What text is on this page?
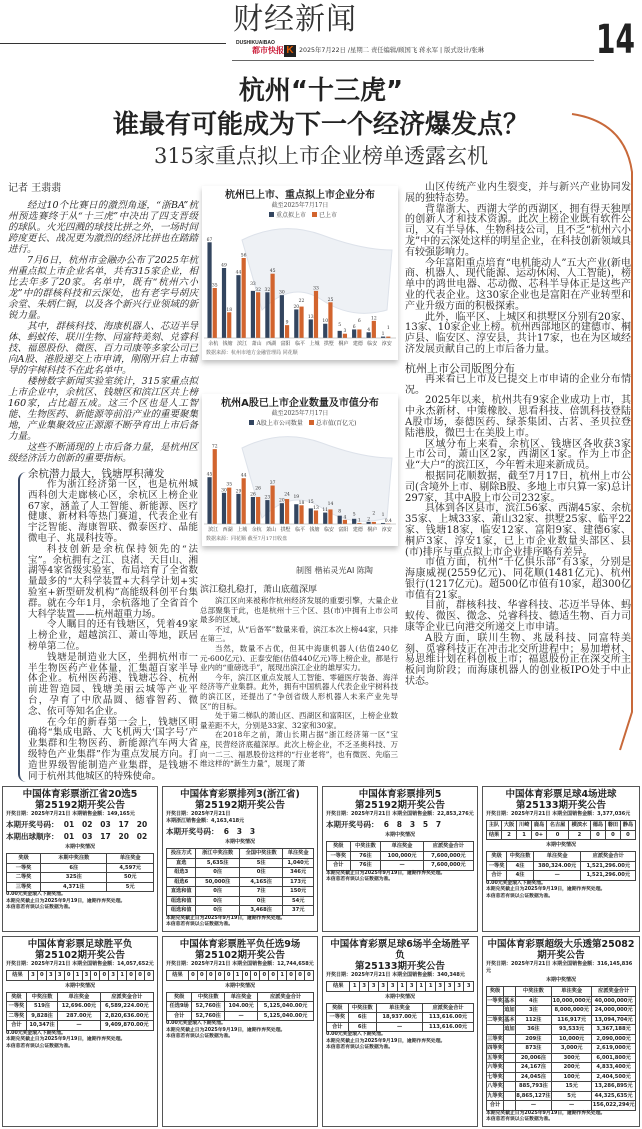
财经新闻
DUSHIKUAIBAO
都市快报 K 2025年7月22日 /星期二 责任编辑/顾国飞 蒋永军 | 版式设计/张琳	14
杭州“十三虎”
谁最有可能成为下一个经济爆发点？
315家重点拟上市企业榜单透露玄机
记者 王翡翡

经过10个比赛日的激烈角逐，“浙BA”杭州预选赛终于从“十三虎”中决出了四支晋级的球队。火光四溅的球技比拼之外，一场时间跨度更长、战况更为激烈的经济比拼也在踏踏进行。

7月6日，杭州市金融办公布了2025年杭州重点拟上市企业名单，共有315家企业，相比去年多了20家。名单中，既有“杭州六小龙”中的群核科技和云深处，也有老字号胡庆余堂、朱炳仁铜，以及各个新兴行业领域的新锐力量。

其中，群核科技、海康机器人、芯迈半导体、蚂蚁传、联川生物、同富特美刻、兑睿科技、福恩股份、微医、百力司康等多家公司已向A股、港股递交上市申请，刚刚开启上市辅导的宇树科技不在此名单中。

楼榜数字新闻实验室统计，315家重点拟上市企业中，余杭区、钱塘区和滨江区共上榜160家，占比超五成。这三个区也是人工智能、生物医药、新能源等前沿产业的重要聚集地，产业集聚效应正源源不断孕育出上市后备力量。

这些不断涌现的上市后备力量，是杭州区级经济活力创新的重要指标。

余杭潜力最大，钱塘厚积薄发

作为浙江经济第一区，也是杭州城西科创大走廊核心区，余杭区上榜企业67家，涵盖了人工智能、新能源、医疗健康、新材料等热门赛道，代表企业有宇泛智能、海康智联、微泰医疗、晶能微电子、兆晟科技等。

科技创新是余杭保持领先的“法宝”。余杭拥有之江、良渚、天目山、湘湖等4家省级实验室，布局培育了全省数量最多的“大科学装置+大科学计划+实验室+新型研发机构”高能级科创平台集群。就在今年1月，余杭落地了全省首个大科学装置——杭州超重力场。

令人瞩目的还有钱塘区，凭着49家上榜企业，超越滨江、萧山等地，跃居榜单第二位。

钱塘是制造业大区，坐拥杭州市一半生物医药产业体量，汇集超百家半导体企业。杭州医药港、钱塘芯谷、杭州前进智造园、钱塘美丽云城等产业平台，孕育了中欣晶圆、德睿智药、微念、依可等知名企业。

在今年的新春第一会上，钱塘区明确将“集成电路、大飞机两大‘国字号’产业集群和生物医药、新能源汽车两大省级特色产业集群”作为重点发展方向。打造世界级智能制造产业集群，是钱塘不同于杭州其他城区的特殊使命。

杭州已上市、重点拟上市企业分布
截至2025年7月17日
重点拟上市 已上市
67
35
余杭
49
18
钱塘
44
56
滨江
33
32
萧山
32
45
西湖
30
9
富阳
20
22
临平
13
33
上城
10
25
拱墅
5
3
桐庐
6
6
建德
4
12
临安
1
1
淳安
数据来源：杭州市地方金融管理局 同花顺
杭州A股已上市企业数量及市值分布
截至2025年7月17日
A股上市公司数量 总市值(百亿元)
45
72
滨江
30
35
西湖
29
44
上城
26
26
余杭
23
37
萧山
20
24
拱墅
19
18
临平
15
13
钱塘
11
14
临安
8
4
富阳
5
1
建德
2
2
桐庐
1
0.4
淳安
数据来源：同花顺 截至7月17日收盘
制图 楷祐灵光AI 陈陶
滨江稳扎稳打，萧山底蕴深厚

滨江区向来被称作杭州经济发展的重要引擎，大量企业总部聚集于此，也是杭州十三个区、县(市)中拥有上市公司最多的区域。

不过，从“后备军”数量来看，滨江本次上榜44家，只排在第三。

当然，数量不占优，但其中海康机器人(估值240亿元-600亿元)、正泰安能(估值440亿元)等上榜企业，都是行业内的“重磅选手”，展现出滨江企业的雄厚实力。

今年，滨江区重点发展人工智能、零磁医疗装备、海洋经济等产业集群。此外，拥有中国机器人代表企业宇树科技的滨江区，还提出了“争创省级人形机器人未来产业先导区”的目标。

处于第二梯队的萧山区、西湖区和富阳区，上榜企业数量差距不大，分别是33家、32家和30家。

在2018年之前，萧山长期占据“浙江经济第一区”宝座，民营经济底蕴深厚。此次上榜企业，不乏圣奥科技、万向一二三、福恩股份这样的“行业老将”，也有微医、先临三维这样的“新生力量”，展现了萧

山区传统产业内生裂变，并与新兴产业协同发展的独特态势。

背靠浙大、西湖大学的西湖区，拥有得天独厚的创新人才和技术资源。此次上榜企业既有软件公司，又有半导体、生物科技公司，且不乏“杭州六小龙”中的云深处这样的明星企业，在科技创新领域具有较强影响力。

今年富阳重点培育“电机能动人”五大产业(新电商、机器人、现代能源、运动休闲、人工智能)，榜单中的鸿世电器、芯动微、芯科半导体正是这些产业的代表企业。这30家企业也是富阳在产业转型和产业升级方面的积极探索。

此外，临平区、上城区和拱墅区分别有20家、13家、10家企业上榜。杭州西部地区的建德市、桐庐县、临安区、淳安县，共计17家，也在为区域经济发展贡献自己的上市后备力量。

杭州上市公司版图分布

再来看已上市及已提交上市申请的企业分布情况。

2025年以来，杭州共有9家企业成功上市，其中永杰新材、中策橡胶、思看科技、倍凯科技登陆A股市场，泰德医药、绿茶集团、古茗、圣贝拉登陆港股，微巴士在美股上市。

区域分布上来看，余杭区、钱塘区各收获3家上市公司，萧山区2家，西湖区1家。作为上市企业“大户”的滨江区，今年暂未迎来新成员。

根据同花顺数据，截至7月17日，杭州上市公司(含境外上市、剔除B股、多地上市只算一家)总计297家，其中A股上市公司232家。

具体到各区县市，滨江56家、西湖45家、余杭35家、上城33家、萧山32家、拱墅25家、临平22家、钱塘18家，临安12家、富阳9家、建德6家、桐庐3家、淳安1家，已上市企业数量头部区、县(市)排序与重点拟上市企业排序略有差异。

市值方面，杭州“千亿俱乐部”有3家，分别是海康威视(2559亿元)、同花顺(1481亿元)、杭州银行(1217亿元)。超500亿市值有10家，超300亿市值有21家。

目前，群核科技、华睿科技、芯迈半导体、蚂蚁传、微医、微念、兑睿科技、德适生物、百力司康等企业已向港交所递交上市申请。

A股方面，联川生物、兆晟科技、同富特美刻、觅睿科技正在冲击北交所进程中；易加增材、易思维计划在科创板上市；福恩股份正在深交所主板问询阶段；而海康机器人的创业板IPO处于中止状态。

中国体育彩票浙江省20选5
第25192期开奖公告
开奖日期：2025年7月21日 本期销售金额：149,165元
本期开奖号码：  01   02   03   17   20
本期出球顺序：  01   03   17   20   02
本期中奖情况
奖级	本期中奖注数	单注奖金
一等奖	6注	4,597元
二等奖	325注	50元
三等奖	4,371注	5元
0.00元奖金滚入下期奖池。
本期兑奖截止日为2025年9月19日，逾期作弃奖处理。
本信息若有误以公证数据为准。
中国体育彩票排列3(浙江省)
第25192期开奖公告
开奖日期：2025年7月21日
本期浙江销售金额：4,163,418元
本期开奖号码：  6   3   3
本期中奖情况
投注方式	浙江中奖注数	全国中奖注数	单注奖金
直选	5,635注	5注	1,040元
组选3	0注	0注	346元
组选6	50,000注	4,165注	173元
直选和值	0注	7注	150元
组选和值	0注	0注	54元
组选和值	0注	3,468注	37元
本期兑奖截止日为2025年9月19日，逾期作弃奖处理。
本信息若有误以公证数据为准。
中国体育彩票排列5
第25192期开奖公告
开奖日期：2025年7月21日 本期全国销售金额：22,853,276元
本期开奖号码：  6   8   3   5   7
本期中奖情况
奖级	中奖注数	单注奖金	应派奖金合计
一等奖	76注	100,000元	7,600,000元
合计	76注	—	7,600,000元
本期兑奖截止日为2025年9月19日，逾期作弃奖处理。
本信息若有误以公证数据为准。
中国体育彩票足球4场进球
第25133期开奖公告
开奖日期：2025年7月21日 本期全国销售金额：3,377,036元
主队	大阪	川崎	鹿岛	名古屋	横滨水	德岛	磐田	静岛
结果	2	1	0+	0	2	0	0	0
本期中奖情况
奖级	中奖注数	单注奖金	应派奖金合计
一等奖	4注	380,324.00元	1,521,296.00元
合计	4注	—	1,521,296.00元
0.00元奖金滚入下期奖池。
本期兑奖截止日为2025年9月19日，逾期作弃奖处理。
本信息若有误以公证数据为准。
中国体育彩票足球胜平负
第25102期开奖公告
开奖日期：2025年7月21日 本期全国销售金额：14,057,652元
结果	3	0	3	3	0	1	3	0	0	3	1	0	0	0
本期中奖情况
奖级	中奖注数	单注奖金	应派奖金合计
一等奖	519注	12,696.00元	6,589,224.00元
二等奖	9,828注	287.00元	2,820,636.00元
合计	10,347注	—	9,409,870.00元
0.00元奖金滚入下期奖池。
本期兑奖截止日为2025年9月19日，逾期作弃奖处理。
本信息若有误以公证数据为准。
中国体育彩票胜平负任选9场
第25102期开奖公告
开奖日期：2025年7月21日 本期全国销售金额：12,744,658元
结果	0	0	0	0	0	1	0	0	0	0	1	0	0	0
本期中奖情况
奖级	中奖注数	单注奖金	应派奖金合计
任选9场	52,760注	104.00元	5,125,040.00元
合计	52,760注	—	5,125,040.00元
0.00元奖金滚入下期奖池。
本期兑奖截止日为2025年9月19日，逾期作弃奖处理。
本信息若有误以公证数据为准。
中国体育彩票足球6场半全场胜平负
第25133期开奖公告
开奖日期：2025年7月21日 本期全国销售金额：340,348元
结果	1	3	3	3	3	1	3	1	1	3	3	3	3
本期中奖情况
奖级	中奖注数	单注奖金	应派奖金合计
一等奖	6注	18,937.00元	113,616.00元
合计	6注	—	113,616.00元
0.00元奖金滚入下期奖池。
本期兑奖截止日为2025年9月19日，逾期作弃奖处理。
本信息若有误以公证数据为准。
中国体育彩票超级大乐透第25082期开奖公告
开奖日期：2025年7月21日 本期全国销售金额：316,145,836元
本期中奖情况
奖级		中奖注数	单注奖金	应派奖金合计
一等奖	基本	4注	10,000,000元	40,000,000元
	追加	3注	8,000,000元	24,000,000元
二等奖	基本	112注	116,917元	13,094,704元
	追加	36注	93,533元	3,367,188元
三等奖		209注	10,000元	2,090,000元
四等奖		873注	3,000元	2,619,000元
五等奖		20,006注	300元	6,001,800元
六等奖		24,167注	200元	4,833,400元
七等奖		24,045注	100元	2,404,500元
八等奖		885,793注	15元	13,286,895元
九等奖		8,865,127注	5元	44,325,635元
合计		—	—	156,022,294元
本期兑奖截止日为2025年9月19日，逾期作弃奖处理。
本信息若有误以公证数据为准。
